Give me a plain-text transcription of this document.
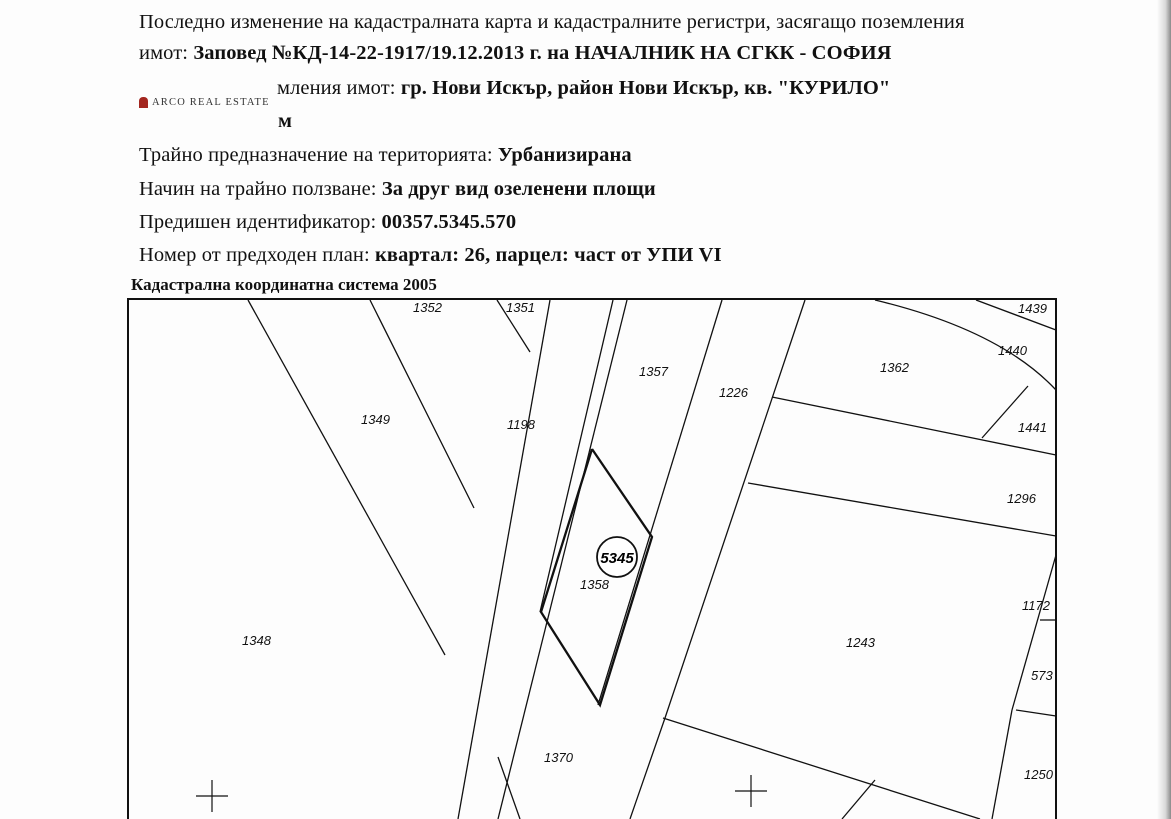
Последно изменение на кадастралната карта и кадастралните регистри, засягащо поземления
имот: Заповед №КД-14-22-1917/19.12.2013 г. на НАЧАЛНИК НА СГКК - СОФИЯ
ARCO REAL ESTATE
мления имот: гр. Нови Искър, район Нови Искър, кв. "КУРИЛО"
м
Трайно предназначение на територията: Урбанизирана
Начин на трайно ползване: За друг вид озеленени площи
Предишен идентификатор: 00357.5345.570
Номер от предходен план: квартал: 26, парцел: част от УПИ VI
Кадастрална координатна система 2005
5345
1352	1351	1439
1440
1362
1357
1226
1349	1198	1441
1296
1358
1172
1348	1243
573
1370
1250
